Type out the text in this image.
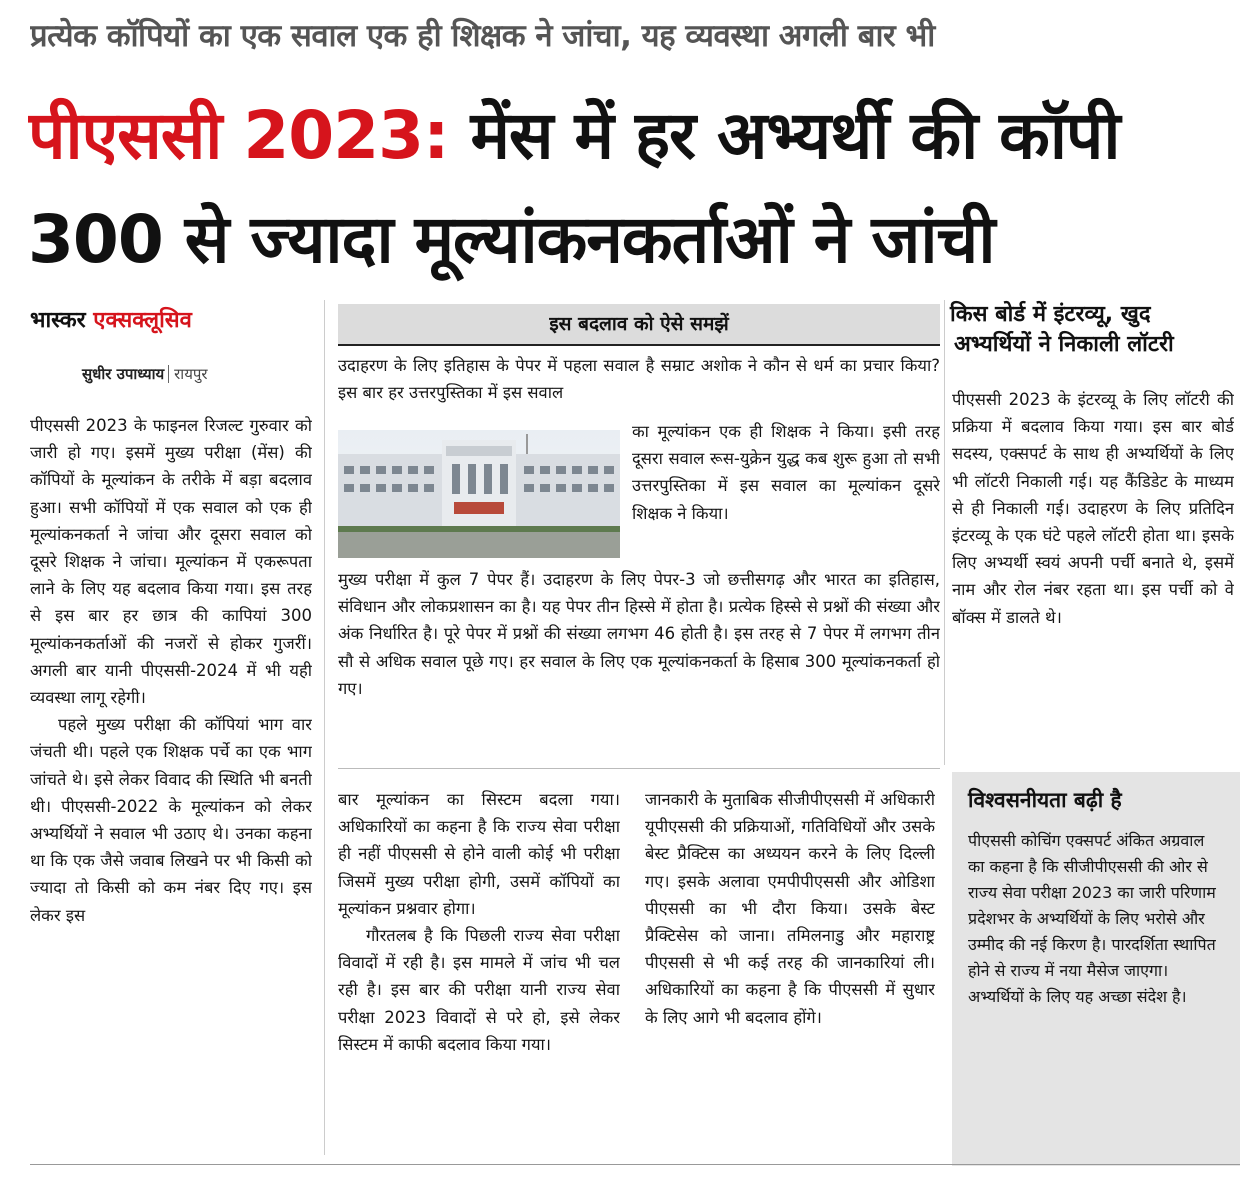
प्रत्येक कॉपियों का एक सवाल एक ही शिक्षक ने जांचा, यह व्यवस्था अगली बार भी
पीएससी 2023: मेंस में हर अभ्यर्थी की कॉपी
300 से ज्यादा मूल्यांकनकर्ताओं ने जांची
भास्कर एक्सक्लूसिव
सुधीर उपाध्याय रायपुर

पीएससी 2023 के फाइनल रिजल्ट गुरुवार को जारी हो गए। इसमें मुख्य परीक्षा (मेंस) की कॉपियों के मूल्यांकन के तरीके में बड़ा बदलाव हुआ। सभी कॉपियों में एक सवाल को एक ही मूल्यांकनकर्ता ने जांचा और दूसरा सवाल को दूसरे शिक्षक ने जांचा। मूल्यांकन में एकरूपता लाने के लिए यह बदलाव किया गया। इस तरह से इस बार हर छात्र की कापियां 300 मूल्यांकनकर्ताओं की नजरों से होकर गुजरीं। अगली बार यानी पीएससी-2024 में भी यही व्यवस्था लागू रहेगी।

पहले मुख्य परीक्षा की कॉपियां भाग वार जंचती थी। पहले एक शिक्षक पर्चे का एक भाग जांचते थे। इसे लेकर विवाद की स्थिति भी बनती थी। पीएससी-2022 के मूल्यांकन को लेकर अभ्यर्थियों ने सवाल भी उठाए थे। उनका कहना था कि एक जैसे जवाब लिखने पर भी किसी को ज्यादा तो किसी को कम नंबर दिए गए। इस लेकर इस

इस बदलाव को ऐसे समझें
उदाहरण के लिए इतिहास के पेपर में पहला सवाल है सम्राट अशोक ने कौन से धर्म का प्रचार किया? इस बार हर उत्तरपुस्तिका में इस सवाल
का मूल्यांकन एक ही शिक्षक ने किया। इसी तरह दूसरा सवाल रूस-युक्रेन युद्ध कब शुरू हुआ तो सभी उत्तरपुस्तिका में इस सवाल का मूल्यांकन दूसरे शिक्षक ने किया।
मुख्य परीक्षा में कुल 7 पेपर हैं। उदाहरण के लिए पेपर-3 जो छत्तीसगढ़ और भारत का इतिहास, संविधान और लोकप्रशासन का है। यह पेपर तीन हिस्से में होता है। प्रत्येक हिस्से से प्रश्नों की संख्या और अंक निर्धारित है। पूरे पेपर में प्रश्नों की संख्या लगभग 46 होती है। इस तरह से 7 पेपर में लगभग तीन सौ से अधिक सवाल पूछे गए। हर सवाल के लिए एक मूल्यांकनकर्ता के हिसाब 300 मूल्यांकनकर्ता हो गए।

बार मूल्यांकन का सिस्टम बदला गया। अधिकारियों का कहना है कि राज्य सेवा परीक्षा ही नहीं पीएससी से होने वाली कोई भी परीक्षा जिसमें मुख्य परीक्षा होगी, उसमें कॉपियों का मूल्यांकन प्रश्नवार होगा।

गौरतलब है कि पिछली राज्य सेवा परीक्षा विवादों में रही है। इस मामले में जांच भी चल रही है। इस बार की परीक्षा यानी राज्य सेवा परीक्षा 2023 विवादों से परे हो, इसे लेकर सिस्टम में काफी बदलाव किया गया।

जानकारी के मुताबिक सीजीपीएससी में अधिकारी यूपीएससी की प्रक्रियाओं, गतिविधियों और उसके बेस्ट प्रैक्टिस का अध्ययन करने के लिए दिल्ली गए। इसके अलावा एमपीपीएससी और ओडिशा पीएससी का भी दौरा किया। उसके बेस्ट प्रैक्टिसेस को जाना। तमिलनाडु और महाराष्ट्र पीएससी से भी कई तरह की जानकारियां ली। अधिकारियों का कहना है कि पीएससी में सुधार के लिए आगे भी बदलाव होंगे।

किस बोर्ड में इंटरव्यू, खुद
अभ्यर्थियों ने निकाली लॉटरी
पीएससी 2023 के इंटरव्यू के लिए लॉटरी की प्रक्रिया में बदलाव किया गया। इस बार बोर्ड सदस्य, एक्सपर्ट के साथ ही अभ्यर्थियों के लिए भी लॉटरी निकाली गई। यह कैंडिडेट के माध्यम से ही निकाली गई। उदाहरण के लिए प्रतिदिन इंटरव्यू के एक घंटे पहले लॉटरी होता था। इसके लिए अभ्यर्थी स्वयं अपनी पर्ची बनाते थे, इसमें नाम और रोल नंबर रहता था। इस पर्ची को वे बॉक्स में डालते थे।
विश्वसनीयता बढ़ी है
पीएससी कोचिंग एक्सपर्ट अंकित अग्रवाल का कहना है कि सीजीपीएससी की ओर से राज्य सेवा परीक्षा 2023 का जारी परिणाम प्रदेशभर के अभ्यर्थियों के लिए भरोसे और उम्मीद की नई किरण है। पारदर्शिता स्थापित होने से राज्य में नया मैसेज जाएगा। अभ्यर्थियों के लिए यह अच्छा संदेश है।
